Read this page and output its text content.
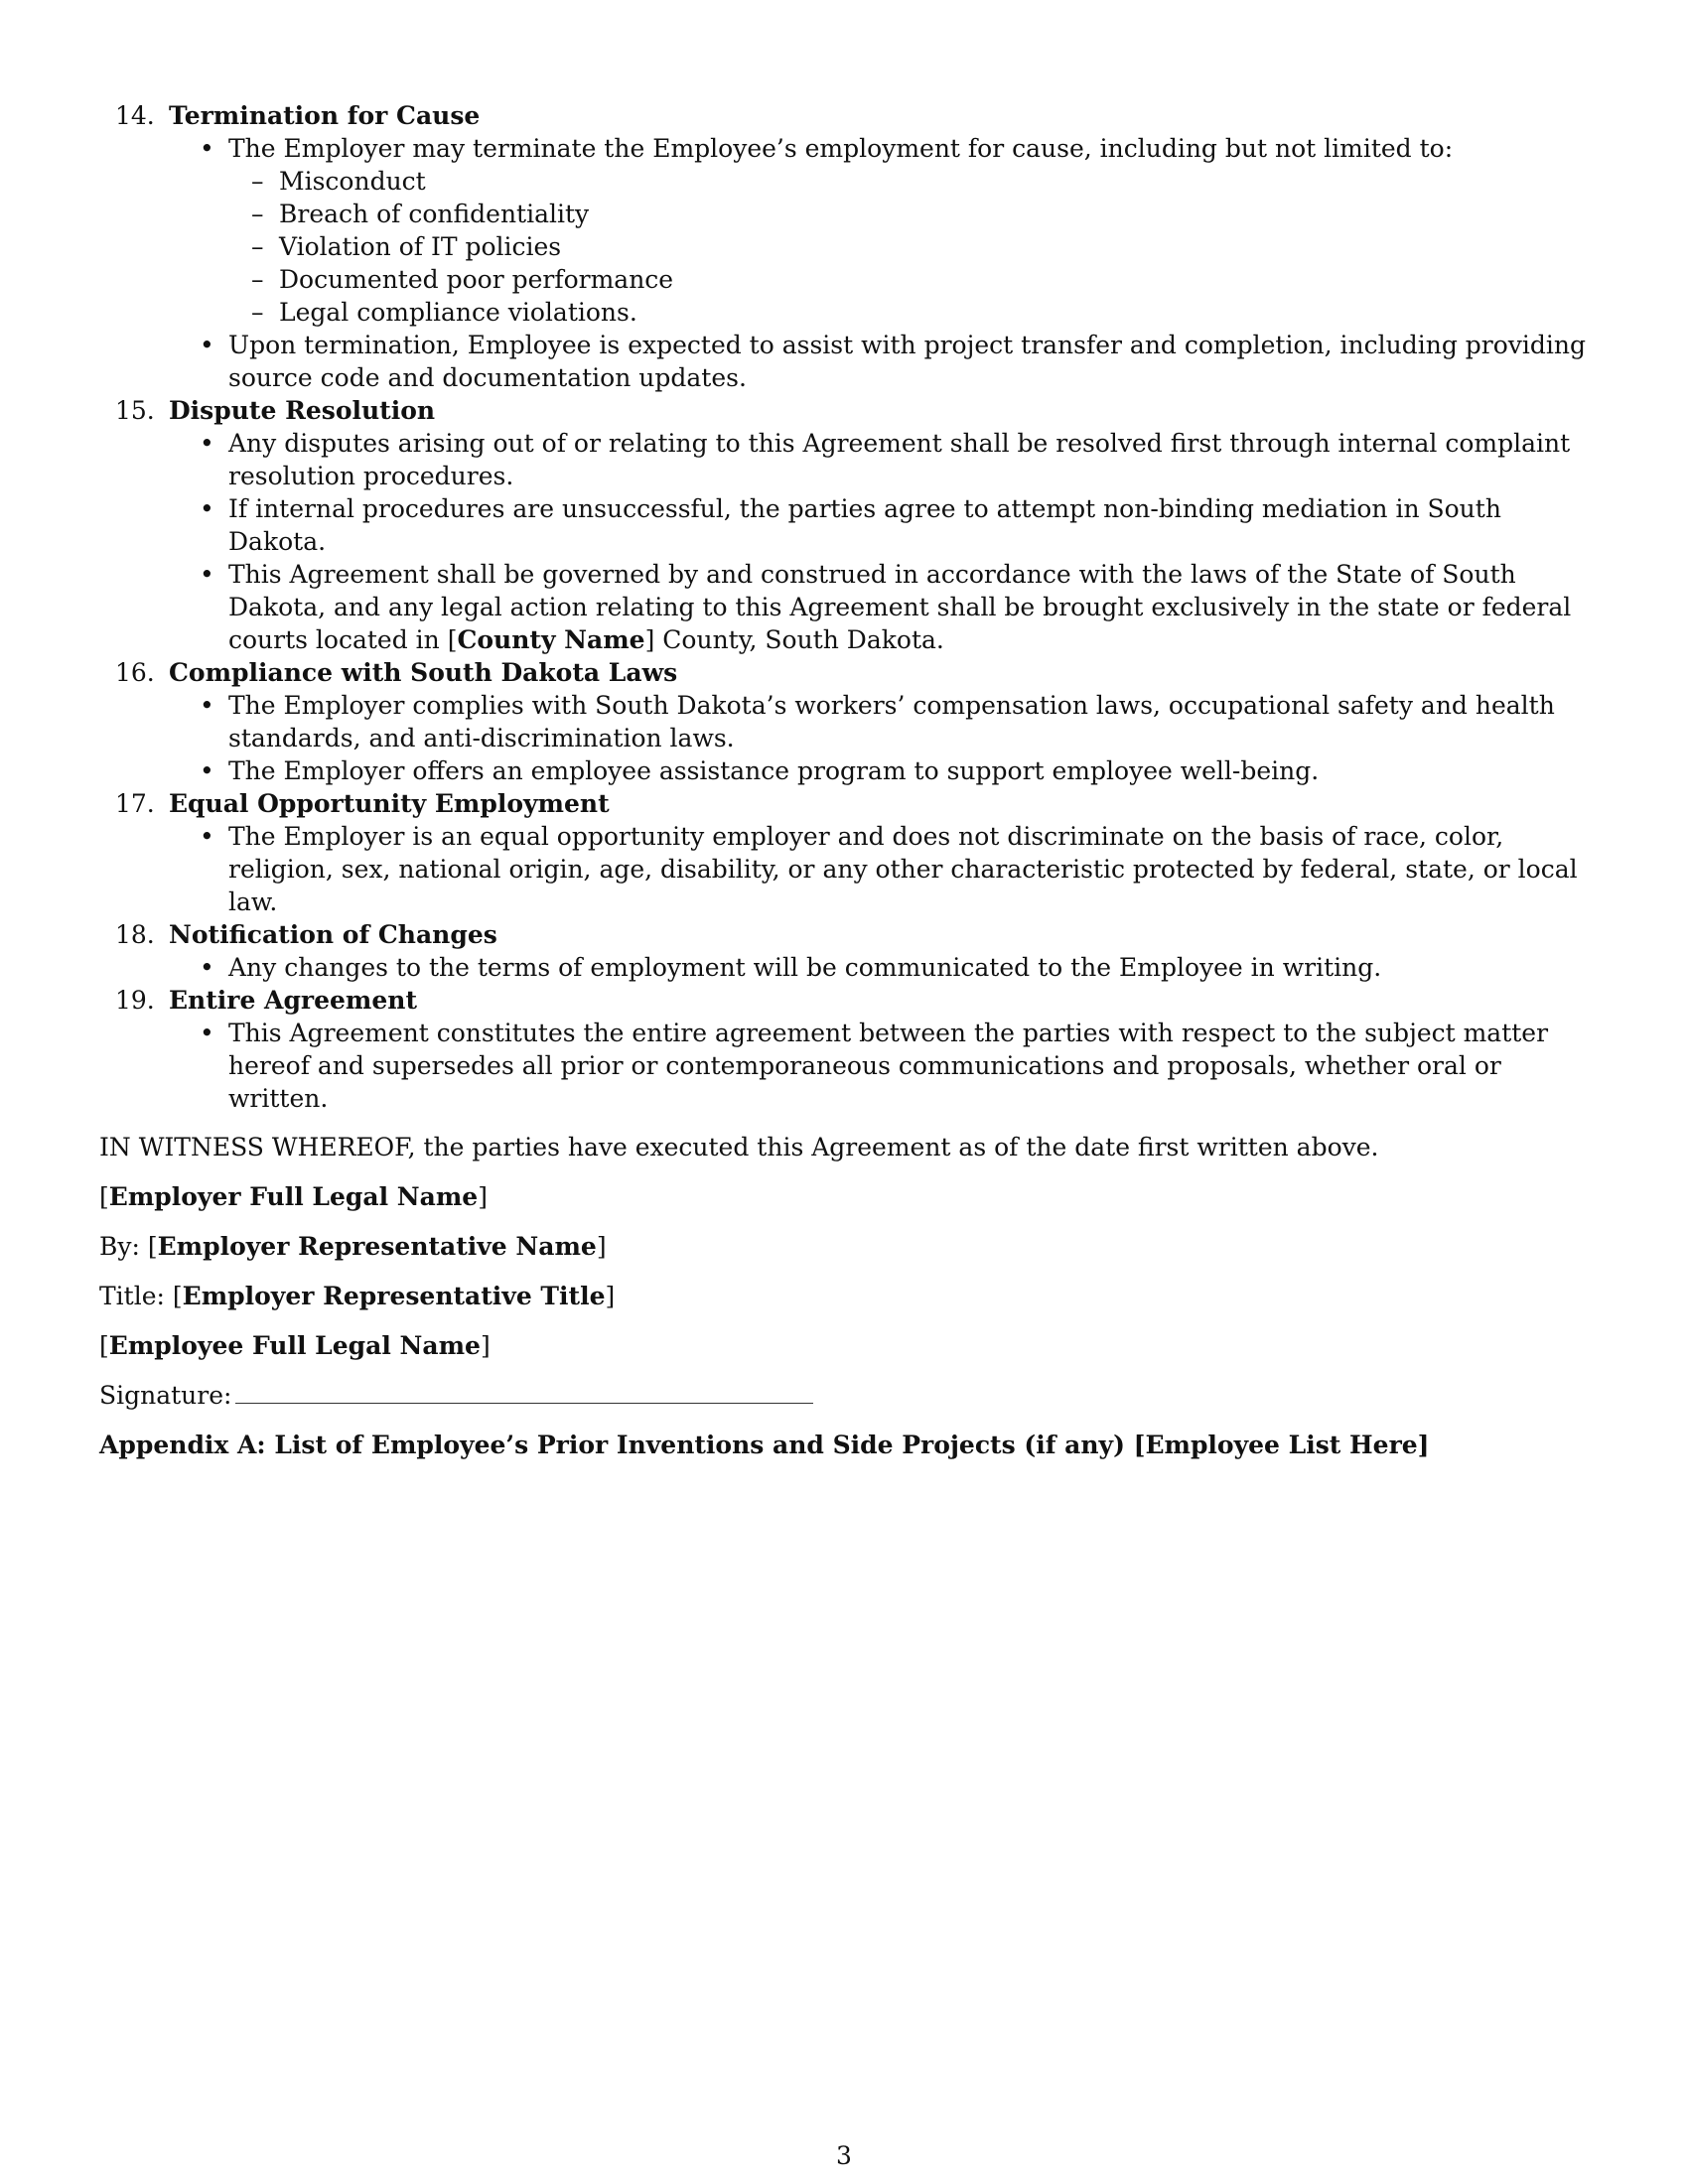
14. Termination for Cause
• The Employer may terminate the Employee’s employment for cause, including but not limited to:
– Misconduct
– Breach of confidentiality
– Violation of IT policies
– Documented poor performance
– Legal compliance violations.
• Upon termination, Employee is expected to assist with project transfer and completion, including providing source code and documentation updates.
15. Dispute Resolution
• Any disputes arising out of or relating to this Agreement shall be resolved first through internal complaint resolution procedures.
• If internal procedures are unsuccessful, the parties agree to attempt non-binding mediation in South Dakota.
• This Agreement shall be governed by and construed in accordance with the laws of the State of South Dakota, and any legal action relating to this Agreement shall be brought exclusively in the state or federal courts located in [County Name] County, South Dakota.
16. Compliance with South Dakota Laws
• The Employer complies with South Dakota’s workers’ compensation laws, occupational safety and health standards, and anti-discrimination laws.
• The Employer offers an employee assistance program to support employee well-being.
17. Equal Opportunity Employment
• The Employer is an equal opportunity employer and does not discriminate on the basis of race, color, religion, sex, national origin, age, disability, or any other characteristic protected by federal, state, or local law.
18. Notification of Changes
• Any changes to the terms of employment will be communicated to the Employee in writing.
19. Entire Agreement
• This Agreement constitutes the entire agreement between the parties with respect to the subject matter hereof and supersedes all prior or contemporaneous communications and proposals, whether oral or written.
IN WITNESS WHEREOF, the parties have executed this Agreement as of the date first written above.
[Employer Full Legal Name]
By: [Employer Representative Name]
Title: [Employer Representative Title]
[Employee Full Legal Name]
Signature:
Appendix A: List of Employee’s Prior Inventions and Side Projects (if any) [Employee List Here]
3
